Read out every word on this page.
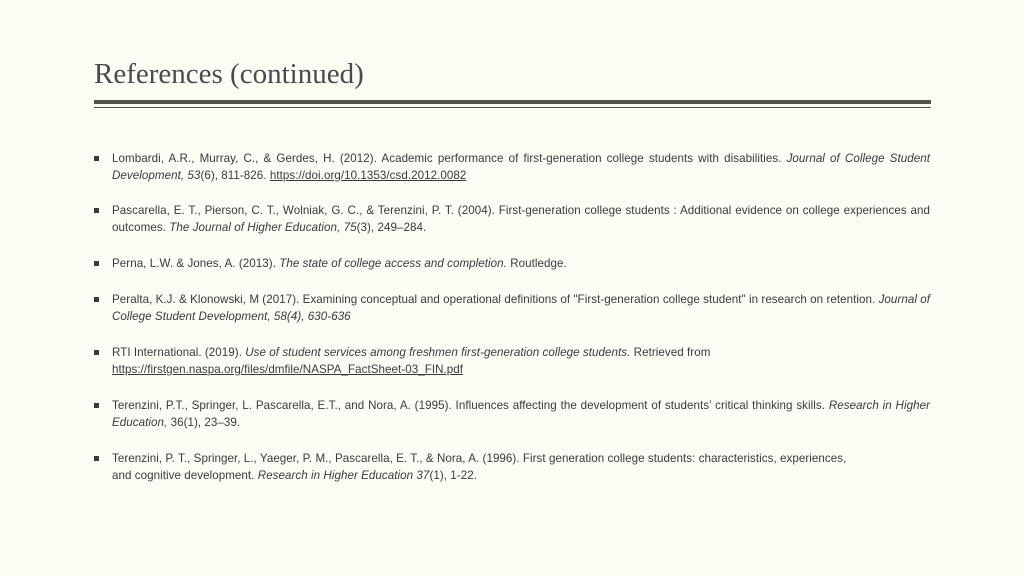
References (continued)
Lombardi, A.R., Murray, C., & Gerdes, H. (2012). Academic performance of first-generation college students with disabilities. Journal of College Student Development, 53(6), 811-826. https://doi.org/10.1353/csd.2012.0082
Pascarella, E. T., Pierson, C. T., Wolniak, G. C., & Terenzini, P. T. (2004). First-generation college students : Additional evidence on college experiences and outcomes. The Journal of Higher Education, 75(3), 249–284.
Perna, L.W. & Jones, A. (2013). The state of college access and completion. Routledge.
Peralta, K.J. & Klonowski, M (2017). Examining conceptual and operational definitions of "First-generation college student" in research on retention. Journal of College Student Development, 58(4), 630-636
RTI International. (2019). Use of student services among freshmen first-generation college students. Retrieved from https://firstgen.naspa.org/files/dmfile/NASPA_FactSheet-03_FIN.pdf
Terenzini, P.T., Springer, L. Pascarella, E.T., and Nora, A. (1995). Influences affecting the development of students’ critical thinking skills. Research in Higher Education, 36(1), 23–39.
Terenzini, P. T., Springer, L., Yaeger, P. M., Pascarella, E. T., & Nora, A. (1996). First generation college students: characteristics, experiences, and cognitive development. Research in Higher Education 37(1), 1-22.
